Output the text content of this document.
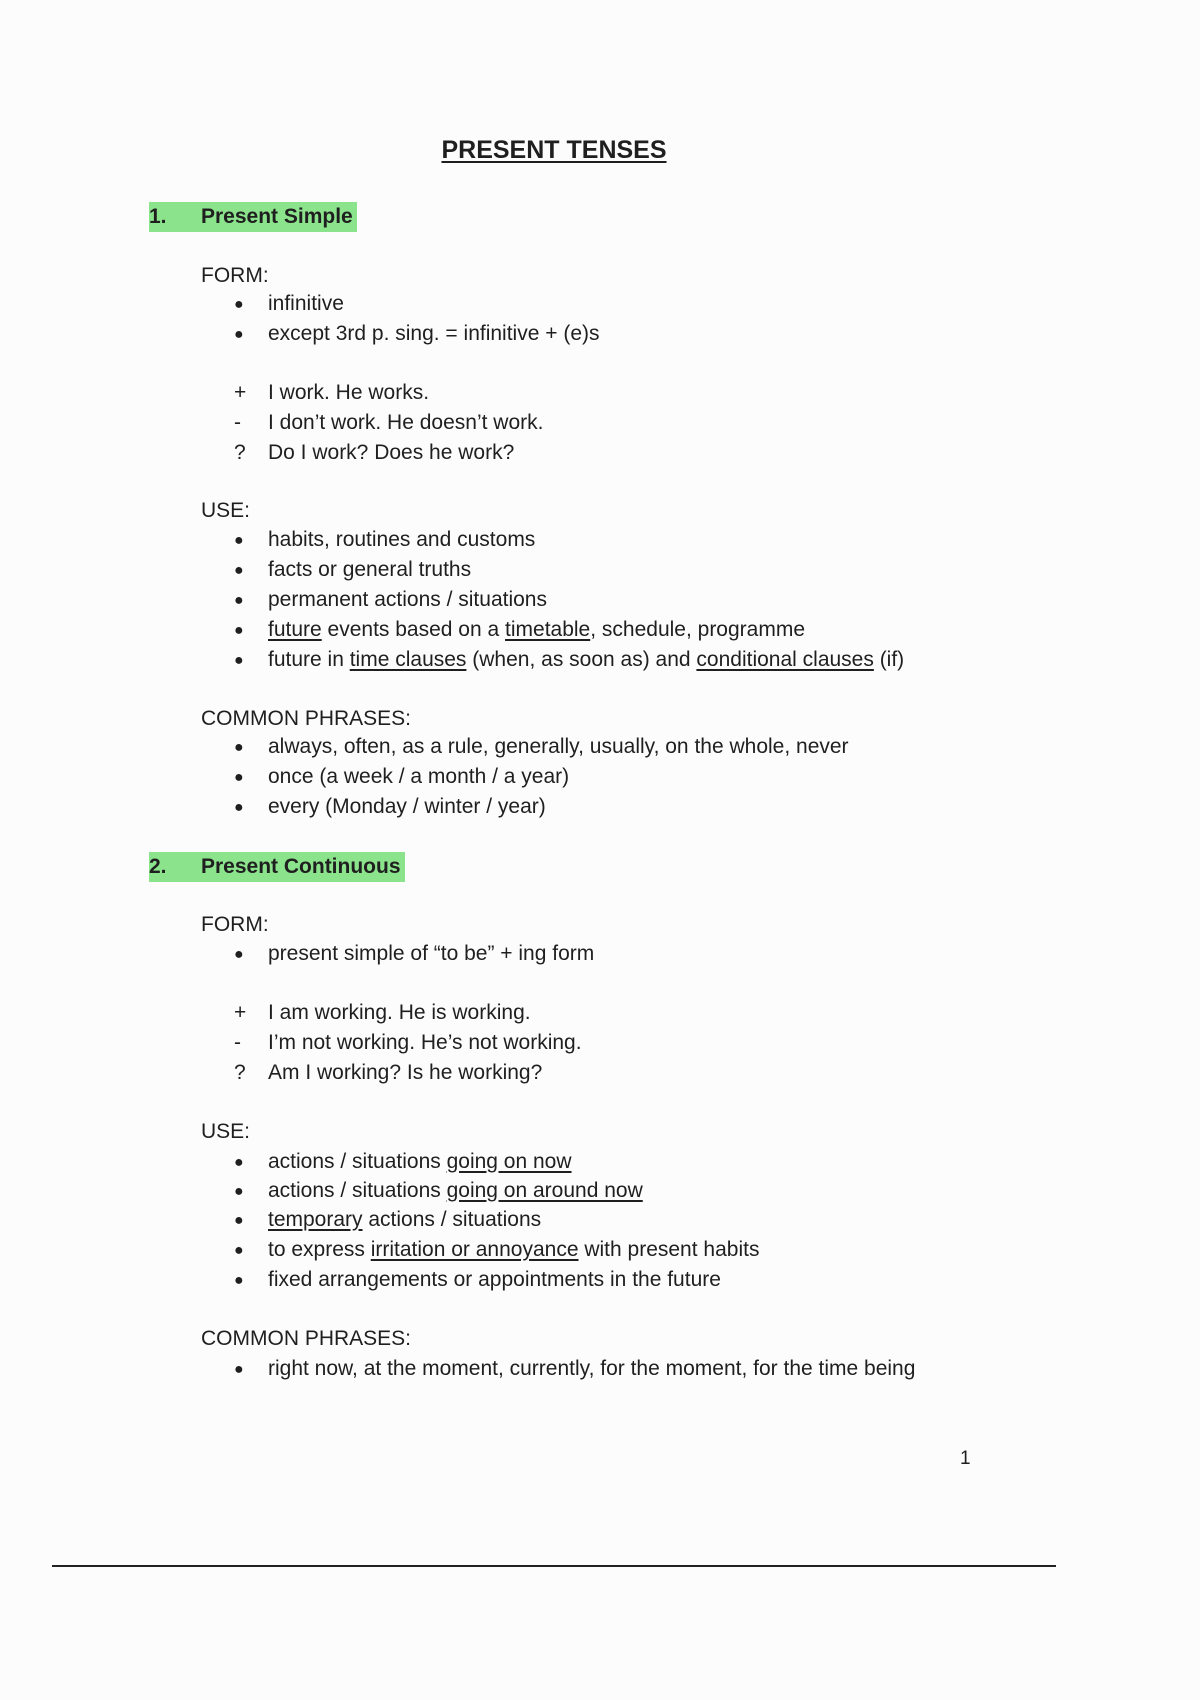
PRESENT TENSES
1. Present Simple
FORM:
● infinitive
● except 3rd p. sing. = infinitive + (e)s
+ I work. He works.
- I don’t work. He doesn’t work.
? Do I work? Does he work?
USE:
● habits, routines and customs
● facts or general truths
● permanent actions / situations
● future events based on a timetable, schedule, programme
● future in time clauses (when, as soon as) and conditional clauses (if)
COMMON PHRASES:
● always, often, as a rule, generally, usually, on the whole, never
● once (a week / a month / a year)
● every (Monday / winter / year)
2. Present Continuous
FORM:
● present simple of “to be” + ing form
+ I am working. He is working.
- I’m not working. He’s not working.
? Am I working? Is he working?
USE:
● actions / situations going on now
● actions / situations going on around now
● temporary actions / situations
● to express irritation or annoyance with present habits
● fixed arrangements or appointments in the future
COMMON PHRASES:
● right now, at the moment, currently, for the moment, for the time being
1
